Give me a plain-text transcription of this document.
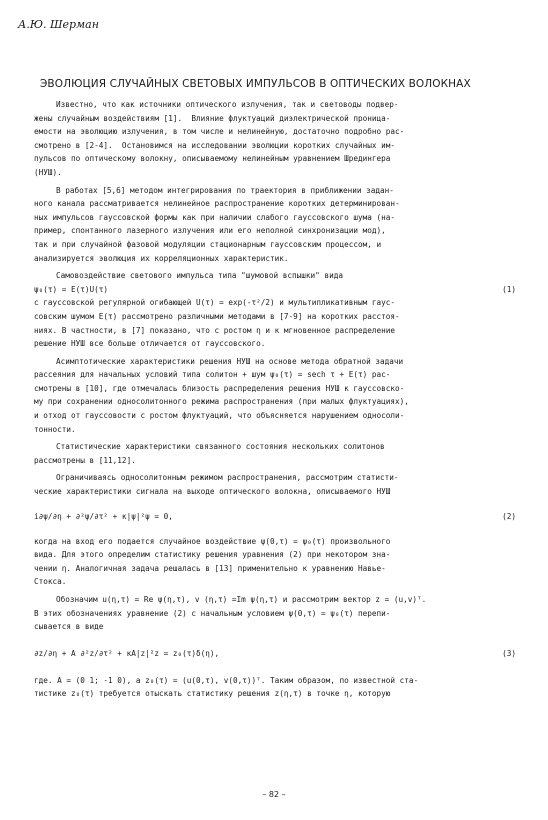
А.Ю. Шерман
ЭВОЛЮЦИЯ СЛУЧАЙНЫХ СВЕТОВЫХ ИМПУЛЬСОВ В ОПТИЧЕСКИХ ВОЛОКНАХ
Известно, что как источники оптического излучения, так и световоды подвер-
жены случайным воздействиям [1].  Влияние флуктуаций диэлектрической проница-
емости на эволюцию излучения, в том числе и нелинейную, достаточно подробно рас-
смотрено в [2-4].  Остановимся на исследовании эволюции коротких случайных им-
пульсов по оптическому волокну, описываемому нелинейным уравнением Шредингера
(НУШ).
В работах [5,6] методом интегрирования по траектория в приближении задан-
ного канала рассматривается нелинейное распространение коротких детерминирован-
ных импульсов гауссовской формы как при наличии слабого гауссовского шума (на-
пример, спонтанного лазерного излучения или его неполной синхронизации мод),
так и при случайной фазовой модуляции стационарным гауссовским процессом, и
анализируется эволюция их корреляционных характеристик.
Самовоздействие светового импульса типа "шумовой вспышки" вида
ψ₀(τ) = E(τ)U(τ)	(1)
с гауссовской регулярной огибающей U(τ) = exp(-τ²/2) и мультипликативным гаус-
совским шумом E(τ) рассмотрено различными методами в [7-9] на коротких расстоя-
ниях. В частности, в [7] показано, что с ростом η и κ мгновенное распределение
решение НУШ все больше отличается от гауссовского.
Асимптотические характеристики решения НУШ на основе метода обратной задачи
рассеяния для начальных условий типа солитон + шум ψ₀(τ) = sech τ + E(τ) рас-
смотрены в [10], где отмечалась близость распределения решения НУШ к гауссовско-
му при сохранении односолитонного режима распространения (при малых флуктуациях),
и отход от гауссовости с ростом флуктуаций, что объясняется нарушением односоли-
тонности.
Статистические характеристики связанного состояния нескольких солитонов
рассмотрены в [11,12].
Ограничиваясь односолитонным режимом распространения, рассмотрим статисти-
ческие характеристики сигнала на выходе оптического волокна, описываемого НУШ
i∂ψ/∂η + ∂²ψ/∂τ² + κ|ψ|²ψ = 0,	(2)
когда на вход его подается случайное воздействие ψ(0,τ) = ψ₀(τ) произвольного
вида. Для этого определим статистику решения уравнения (2) при некотором зна-
чении η. Аналогичная задача решалась в [13] применительно к уравнению Навье-
Стокса.
Обозначим u(η,τ) = Re ψ(η,τ), v (η,τ) =Im ψ(η,τ) и рассмотрим вектор z = (u,v)ᵀ.
В этих обозначениях уравнение (2) с начальным условием ψ(0,τ) = ψ₀(τ) перепи-
сывается в виде
∂z/∂η + A ∂²z/∂τ² + κA|z|²z = z₀(τ)δ(η),	(3)
где. A = (0 1; -1 0), а z₀(τ) = (u(0,τ), v(0,τ))ᵀ. Таким образом, по известной ста-
тистике z₀(τ) требуется отыскать статистику решения z(η,τ) в точке η, которую
– 82 –
